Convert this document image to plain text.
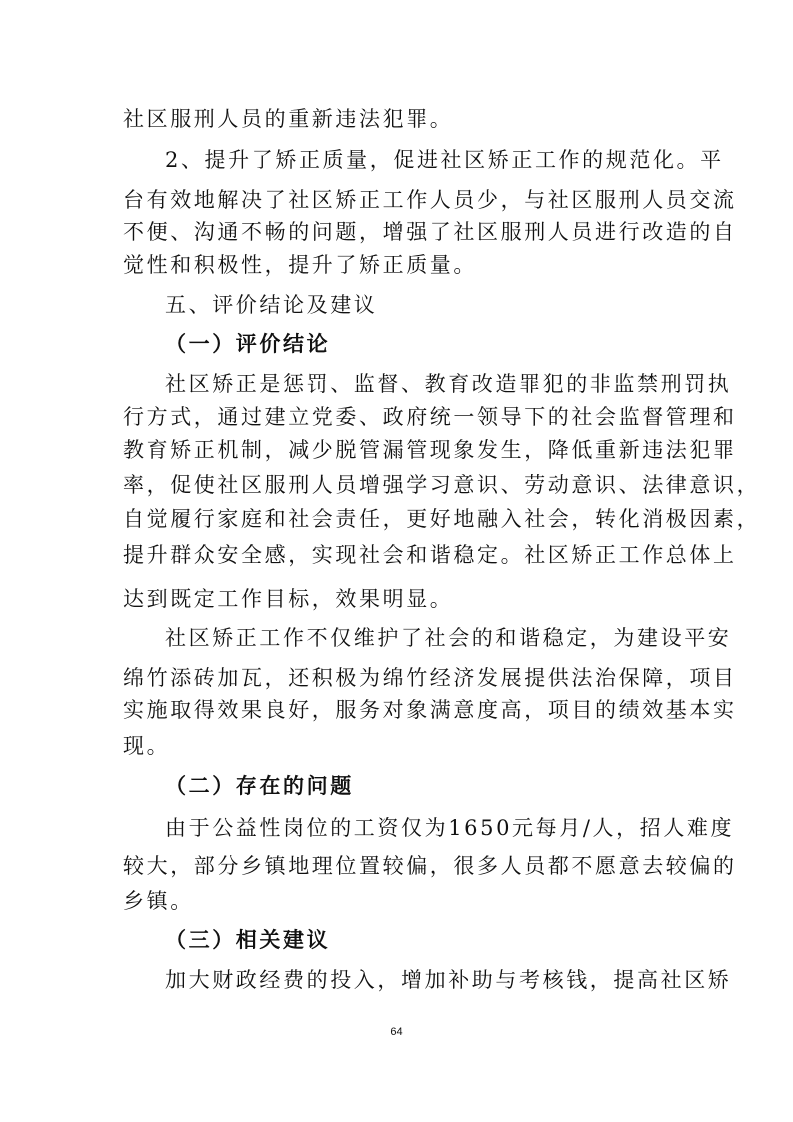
社区服刑人员的重新违法犯罪。
2、提升了矫正质量，促进社区矫正工作的规范化。平
台有效地解决了社区矫正工作人员少，与社区服刑人员交流
不便、沟通不畅的问题，增强了社区服刑人员进行改造的自
觉性和积极性，提升了矫正质量。
五、评价结论及建议
（一）评价结论
社区矫正是惩罚、监督、教育改造罪犯的非监禁刑罚执
行方式，通过建立党委、政府统一领导下的社会监督管理和
教育矫正机制，减少脱管漏管现象发生，降低重新违法犯罪
率，促使社区服刑人员增强学习意识、劳动意识、法律意识，
自觉履行家庭和社会责任，更好地融入社会，转化消极因素，
提升群众安全感，实现社会和谐稳定。社区矫正工作总体上
达到既定工作目标，效果明显。
社区矫正工作不仅维护了社会的和谐稳定，为建设平安
绵竹添砖加瓦，还积极为绵竹经济发展提供法治保障，项目
实施取得效果良好，服务对象满意度高，项目的绩效基本实
现。
（二）存在的问题
由于公益性岗位的工资仅为1650元每月/人，招人难度
较大，部分乡镇地理位置较偏，很多人员都不愿意去较偏的
乡镇。
（三）相关建议
加大财政经费的投入，增加补助与考核钱，提高社区矫
64
